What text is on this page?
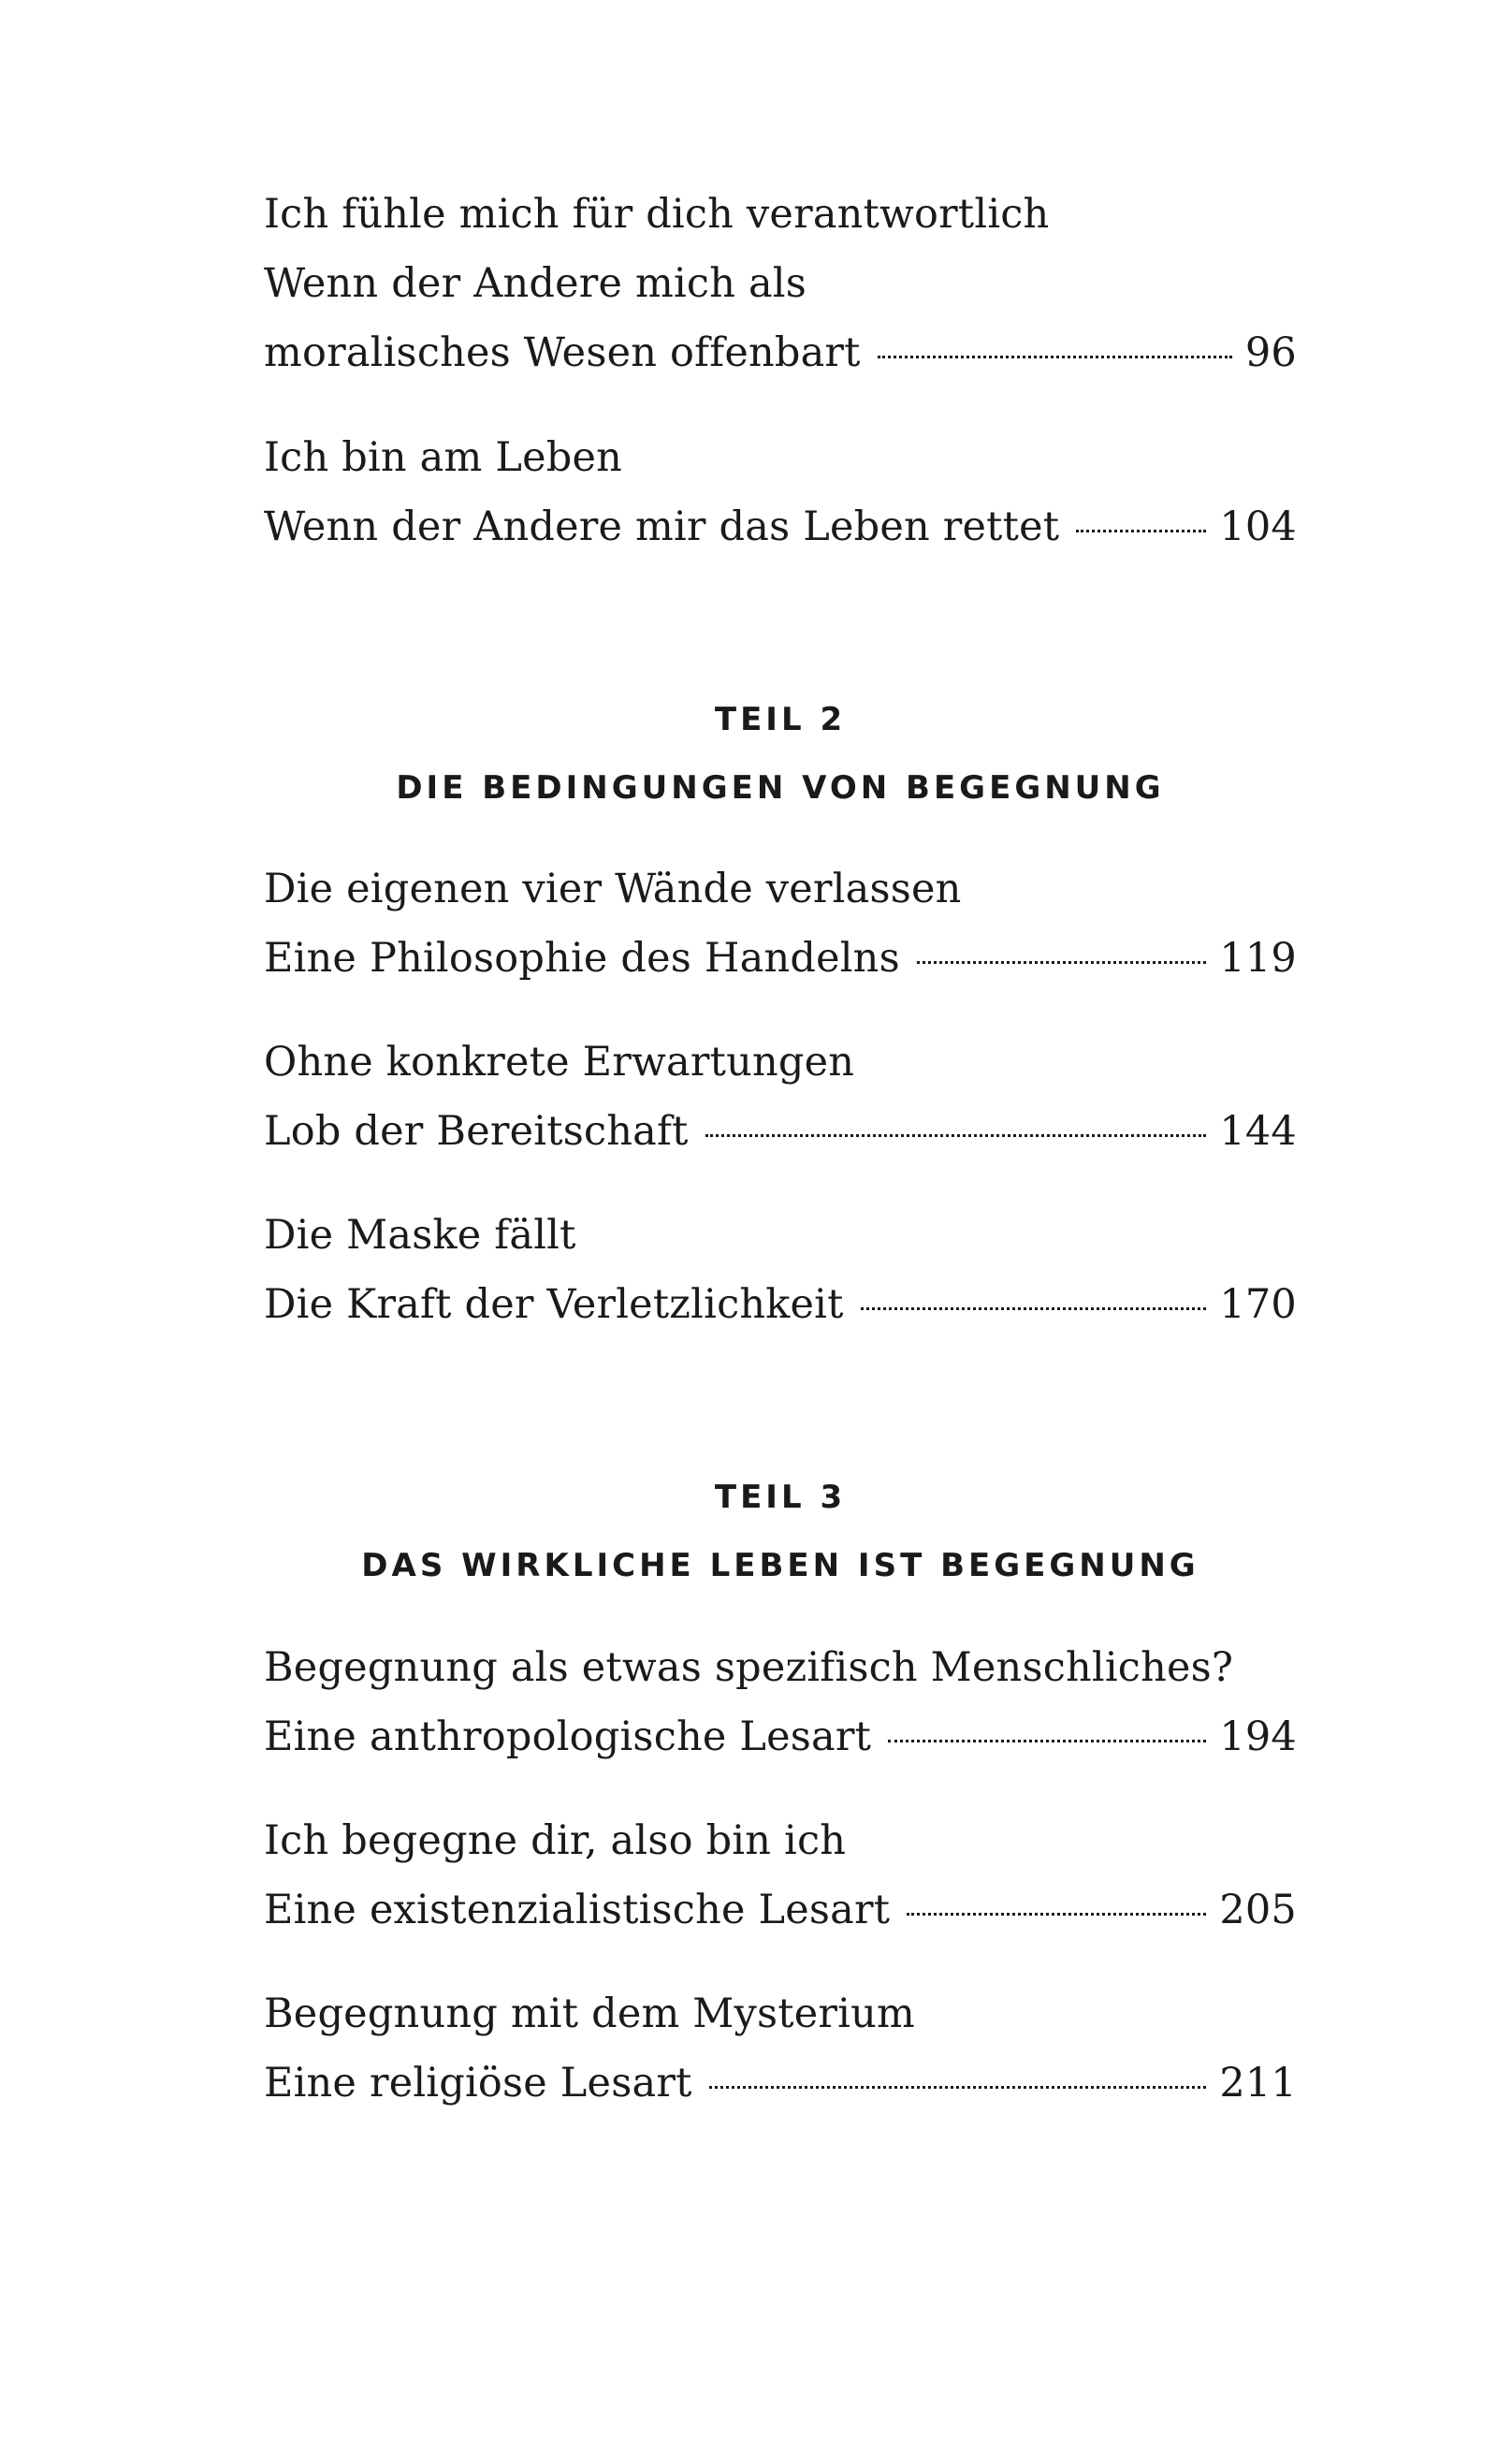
Ich fühle mich für dich verantwortlich
Wenn der Andere mich als
moralisches Wesen offenbart	96
Ich bin am Leben
Wenn der Andere mir das Leben rettet	104
TEIL 2
DIE BEDINGUNGEN VON BEGEGNUNG
Die eigenen vier Wände verlassen
Eine Philosophie des Handelns	119
Ohne konkrete Erwartungen
Lob der Bereitschaft	144
Die Maske fällt
Die Kraft der Verletzlichkeit	170
TEIL 3
DAS WIRKLICHE LEBEN IST BEGEGNUNG
Begegnung als etwas spezifisch Menschliches?
Eine anthropologische Lesart	194
Ich begegne dir, also bin ich
Eine existenzialistische Lesart	205
Begegnung mit dem Mysterium
Eine religiöse Lesart	211
